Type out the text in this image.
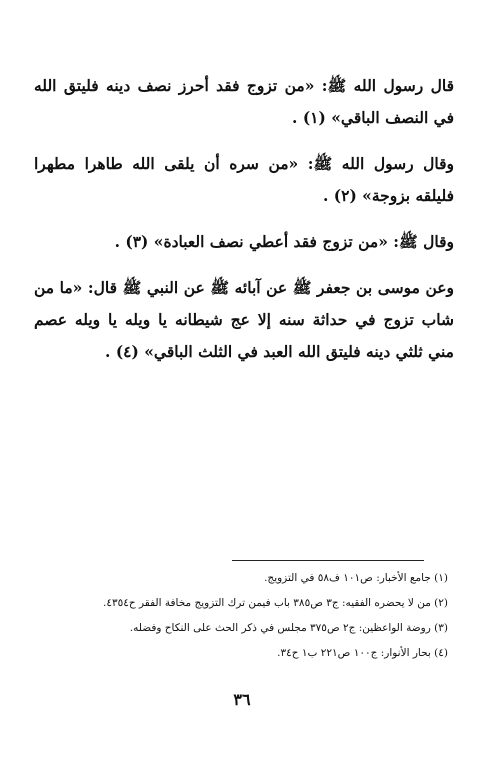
قال رسول الله ﷺ: «من تزوج فقد أحرز نصف دينه فليتق الله في النصف الباقي» (١) .

وقال رسول الله ﷺ: «من سره أن يلقى الله طاهرا مطهرا فليلقه بزوجة» (٢) .

وقال ﷺ: «من تزوج فقد أعطي نصف العبادة» (٣) .

وعن موسى بن جعفر ﷺ عن آبائه ﷺ عن النبي ﷺ قال: «ما من شاب تزوج في حداثة سنه إلا عج شيطانه يا ويله يا ويله عصم مني ثلثي دينه فليتق الله العبد في الثلث الباقي» (٤) .

(١) جامع الأخبار: ص١٠١ ف٥٨ في التزويج.
(٢) من لا يحضره الفقيه: ج٣ ص٣٨٥ باب فيمن ترك التزويج مخافة الفقر ح٤٣٥٤.
(٣) روضة الواعظين: ج٢ ص٣٧٥ مجلس في ذكر الحث على النكاح وفضله.
(٤) بحار الأنوار: ج١٠٠ ص٢٢١ ب١ ح٣٤.
٣٦
